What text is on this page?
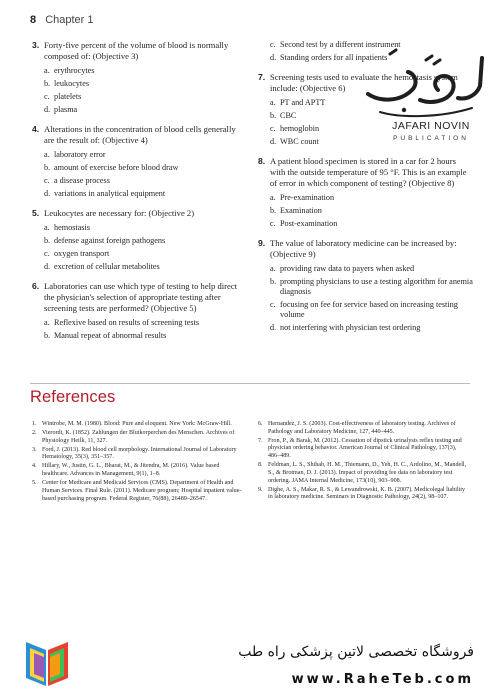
8 Chapter 1
3. Forty-five percent of the volume of blood is normally composed of: (Objective 3)
a. erythrocytes
b. leukocytes
c. platelets
d. plasma
4. Alterations in the concentration of blood cells generally are the result of: (Objective 4)
a. laboratory error
b. amount of exercise before blood draw
c. a disease process
d. variations in analytical equipment
5. Leukocytes are necessary for: (Objective 2)
a. hemostasis
b. defense against foreign pathogens
c. oxygen transport
d. excretion of cellular metabolites
6. Laboratories can use which type of testing to help direct the physician's selection of appropriate testing after screening tests are performed? (Objective 5)
a. Reflexive based on results of screening tests
b. Manual repeat of abnormal results
c. Second test by a different instrument
d. Standing orders for all inpatients
7. Screening tests used to evaluate the hemostasis system include: (Objective 6)
a. PT and APTT
b. CBC
c. hemoglobin
d. WBC count
8. A patient blood specimen is stored in a car for 2 hours with the outside temperature of 95 °F. This is an example of error in which component of testing? (Objective 8)
a. Pre-examination
b. Examination
c. Post-examination
9. The value of laboratory medicine can be increased by: (Objective 9)
a. providing raw data to payers when asked
b. prompting physicians to use a testing algorithm for anemia diagnosis
c. focusing on fee for service based on increasing testing volume
d. not interfering with physician test ordering
JAFARI NOVIN
PUBLICATION
References
1. Wintrobe, M. M. (1980). Blood: Pure and eloquent. New York: McGraw-Hill.
2. Vierordt, K. (1852). Zahlungen der Blutkorperchen des Menschen. Archives of Physiology Heilk, 11, 327.
3. Ford, J. (2013). Red blood cell morphology. International Journal of Laboratory Hematology, 35(3), 351–357.
4. Hillary, W., Justin, G. L., Bharat, M., & Jitendra, M. (2016). Value based healthcare. Advances in Management, 9(1), 1–8.
5. Center for Medicare and Medicaid Services (CMS). Department of Health and Human Services. Final Rule. (2011). Medicare program; Hospital inpatient value-based purchasing program. Federal Register, 76(88), 26489–26547.
6. Hernandez, J. S. (2003). Cost-effectiveness of laboratory testing. Archives of Pathology and Laboratory Medicine, 127, 440–445.
7. Fron, P., & Barak, M. (2012). Cessation of dipstick urinalysis reflex testing and physician ordering behavior. American Journal of Clinical Pathology, 137(3), 486–489.
8. Feldman, L. S., Shihab, H. M., Thiemann, D., Yeh, H. C., Ardolino, M., Mandell, S., & Brotman, D. J. (2013). Impact of providing fee data on laboratory test ordering. JAMA Internal Medicine, 173(10), 903–908.
9. Dighe, A. S., Makar, R. S., & Lewandrowski, K. B. (2007). Medicolegal liability in laboratory medicine. Seminars in Diagnostic Pathology, 24(2), 98–107.
فروشگاه تخصصی لاتین پزشکی راه طب
www.RaheTeb.com
